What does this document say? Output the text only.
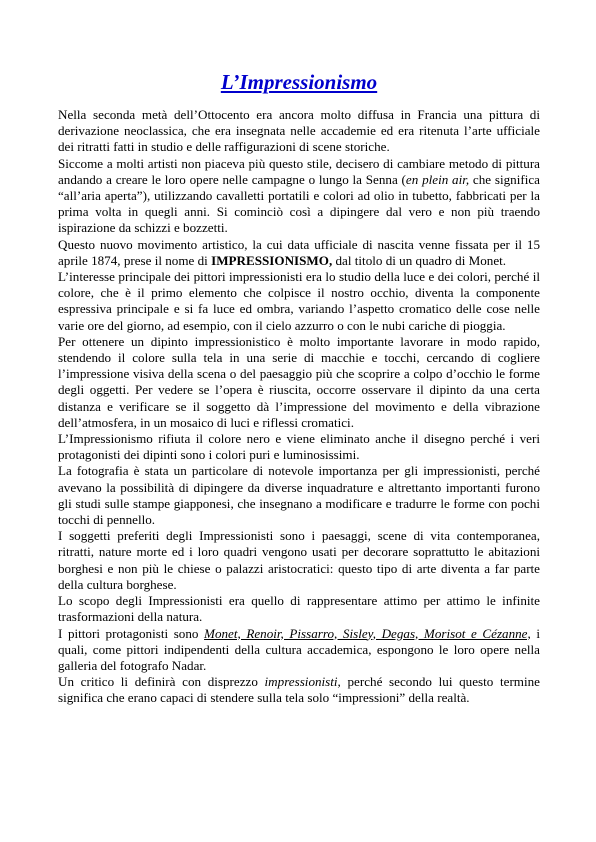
L’Impressionismo

Nella seconda metà dell’Ottocento era ancora molto diffusa in Francia una pittura di derivazione neoclassica, che era insegnata nelle accademie ed era ritenuta l’arte ufficiale dei ritratti fatti in studio e delle raffigurazioni di scene storiche.

Siccome a molti artisti non piaceva più questo stile, decisero di cambiare metodo di pittura andando a creare le loro opere nelle campagne o lungo la Senna (en plein air, che significa “all’aria aperta”), utilizzando cavalletti portatili e colori ad olio in tubetto, fabbricati per la prima volta in quegli anni. Si cominciò così a dipingere dal vero e non più traendo ispirazione da schizzi e bozzetti.

Questo nuovo movimento artistico, la cui data ufficiale di nascita venne fissata per il 15 aprile 1874, prese il nome di IMPRESSIONISMO, dal titolo di un quadro di Monet.

L’interesse principale dei pittori impressionisti era lo studio della luce e dei colori, perché il colore, che è il primo elemento che colpisce il nostro occhio, diventa la componente espressiva principale e si fa luce ed ombra, variando l’aspetto cromatico delle cose nelle varie ore del giorno, ad esempio, con il cielo azzurro o con le nubi cariche di pioggia.

Per ottenere un dipinto impressionistico è molto importante lavorare in modo rapido, stendendo il colore sulla tela in una serie di macchie e tocchi, cercando di cogliere l’impressione visiva della scena o del paesaggio più che scoprire a colpo d’occhio le forme degli oggetti. Per vedere se l’opera è riuscita, occorre osservare il dipinto da una certa distanza e verificare se il soggetto dà l’impressione del movimento e della vibrazione dell’atmosfera, in un mosaico di luci e riflessi cromatici.

L’Impressionismo rifiuta il colore nero e viene eliminato anche il disegno perché i veri protagonisti dei dipinti sono i colori puri e luminosissimi.

La fotografia è stata un particolare di notevole importanza per gli impressionisti, perché avevano la possibilità di dipingere da diverse inquadrature e altrettanto importanti furono gli studi sulle stampe giapponesi, che insegnano a modificare e tradurre le forme con pochi tocchi di pennello.

I soggetti preferiti degli Impressionisti sono i paesaggi, scene di vita contemporanea, ritratti, nature morte ed i loro quadri vengono usati per decorare soprattutto le abitazioni borghesi e non più le chiese o palazzi aristocratici: questo tipo di arte diventa a far parte della cultura borghese.

Lo scopo degli Impressionisti era quello di rappresentare attimo per attimo le infinite trasformazioni della natura.

I pittori protagonisti sono Monet, Renoir, Pissarro, Sisley, Degas, Morisot e Cézanne, i quali, come pittori indipendenti della cultura accademica, espongono le loro opere nella galleria del fotografo Nadar.

Un critico li definirà con disprezzo impressionisti, perché secondo lui questo termine significa che erano capaci di stendere sulla tela solo “impressioni” della realtà.
